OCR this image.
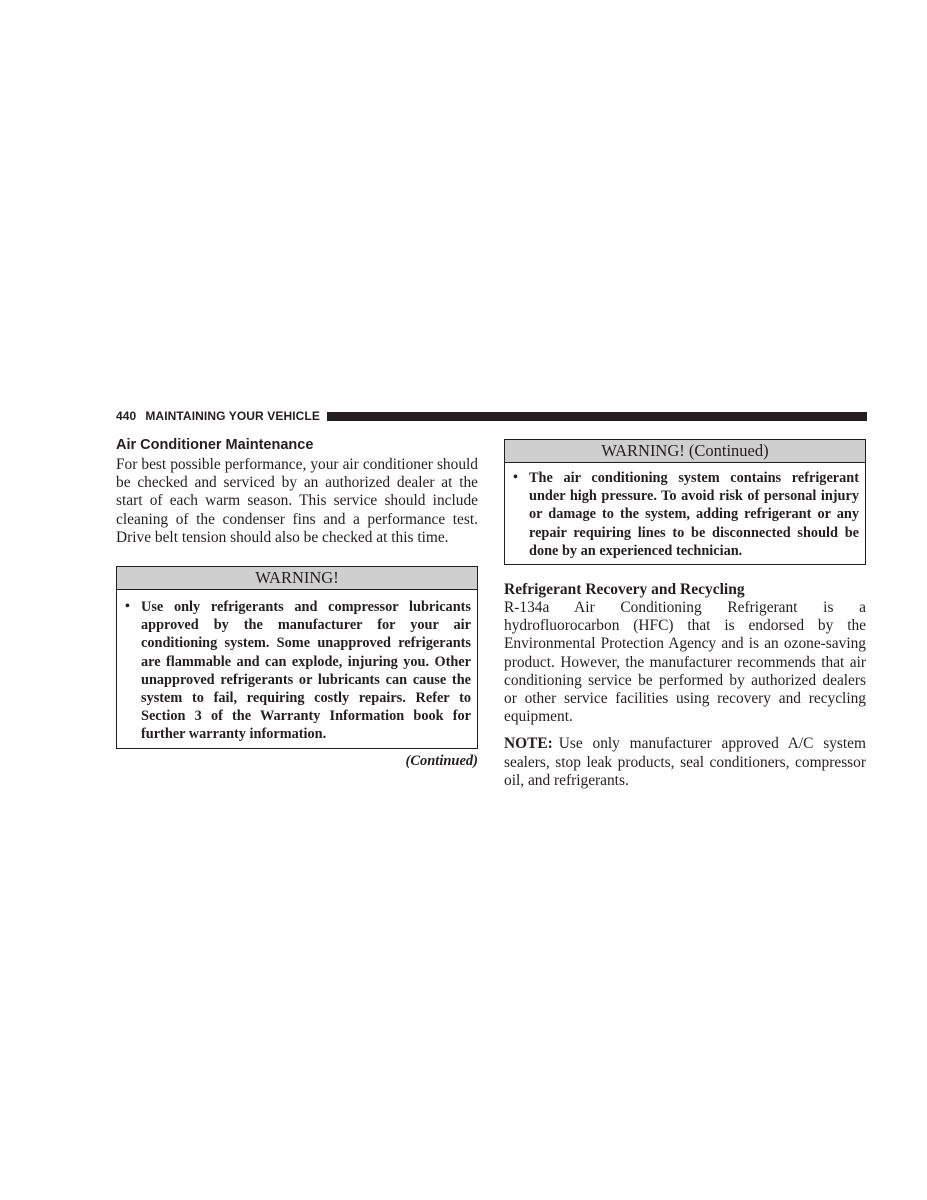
440 MAINTAINING YOUR VEHICLE
Air Conditioner Maintenance

For best possible performance, your air conditioner should be checked and serviced by an authorized dealer at the start of each warm season. This service should include cleaning of the condenser fins and a performance test. Drive belt tension should also be checked at this time.

WARNING!
• Use only refrigerants and compressor lubricants approved by the manufacturer for your air conditioning system. Some unapproved refrigerants are flammable and can explode, injuring you. Other unapproved refrigerants or lubricants can cause the system to fail, requiring costly repairs. Refer to Section 3 of the Warranty Information book for further warranty information.
(Continued)
WARNING! (Continued)
• The air conditioning system contains refrigerant under high pressure. To avoid risk of personal injury or damage to the system, adding refrigerant or any repair requiring lines to be disconnected should be done by an experienced technician.
Refrigerant Recovery and Recycling

R-134a Air Conditioning Refrigerant is a hydrofluorocarbon (HFC) that is endorsed by the Environmental Protection Agency and is an ozone-saving product. However, the manufacturer recommends that air conditioning service be performed by authorized dealers or other service facilities using recovery and recycling equipment.

NOTE: Use only manufacturer approved A/C system sealers, stop leak products, seal conditioners, compressor oil, and refrigerants.
